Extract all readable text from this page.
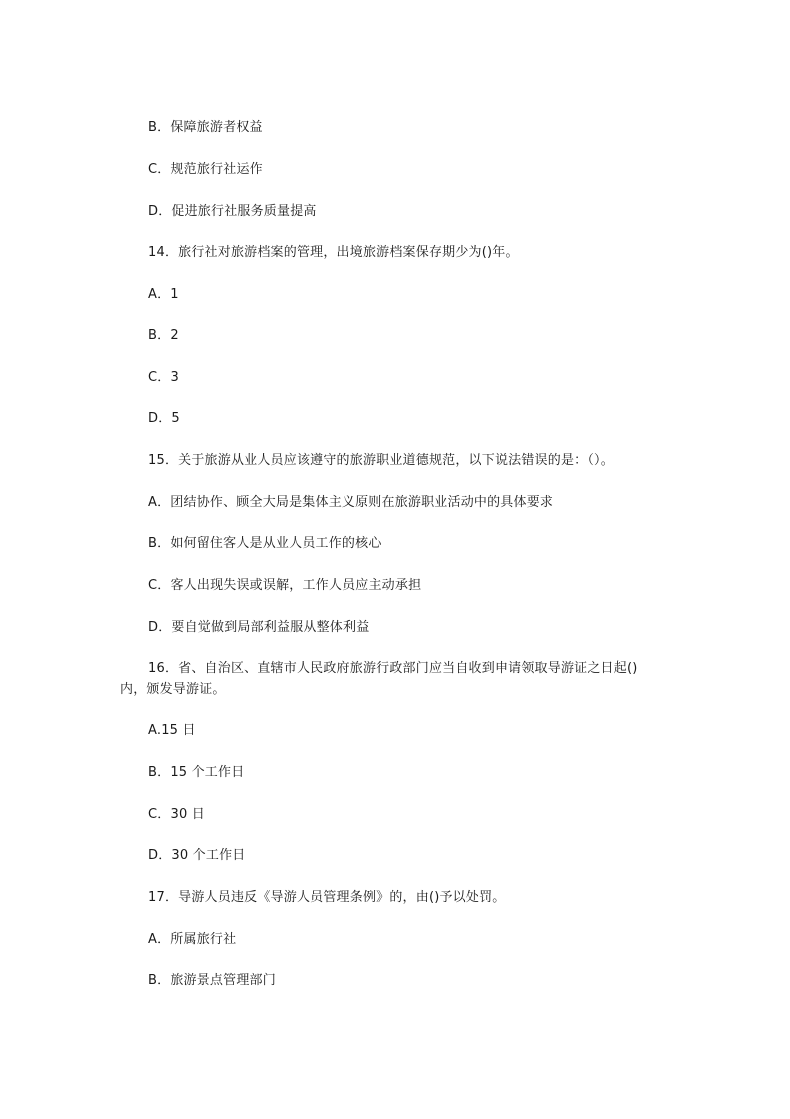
B．保障旅游者权益
C．规范旅行社运作
D．促进旅行社服务质量提高
14．旅行社对旅游档案的管理，出境旅游档案保存期少为()年。
A．1
B．2
C．3
D．5
15．关于旅游从业人员应该遵守的旅游职业道德规范，以下说法错误的是：（）。
A．团结协作、顾全大局是集体主义原则在旅游职业活动中的具体要求
B．如何留住客人是从业人员工作的核心
C．客人出现失误或误解，工作人员应主动承担
D．要自觉做到局部利益服从整体利益
16．省、自治区、直辖市人民政府旅游行政部门应当自收到申请领取导游证之日起()
内，颁发导游证。
A.15 日
B．15 个工作日
C．30 日
D．30 个工作日
17．导游人员违反《导游人员管理条例》的，由()予以处罚。
A．所属旅行社
B．旅游景点管理部门
